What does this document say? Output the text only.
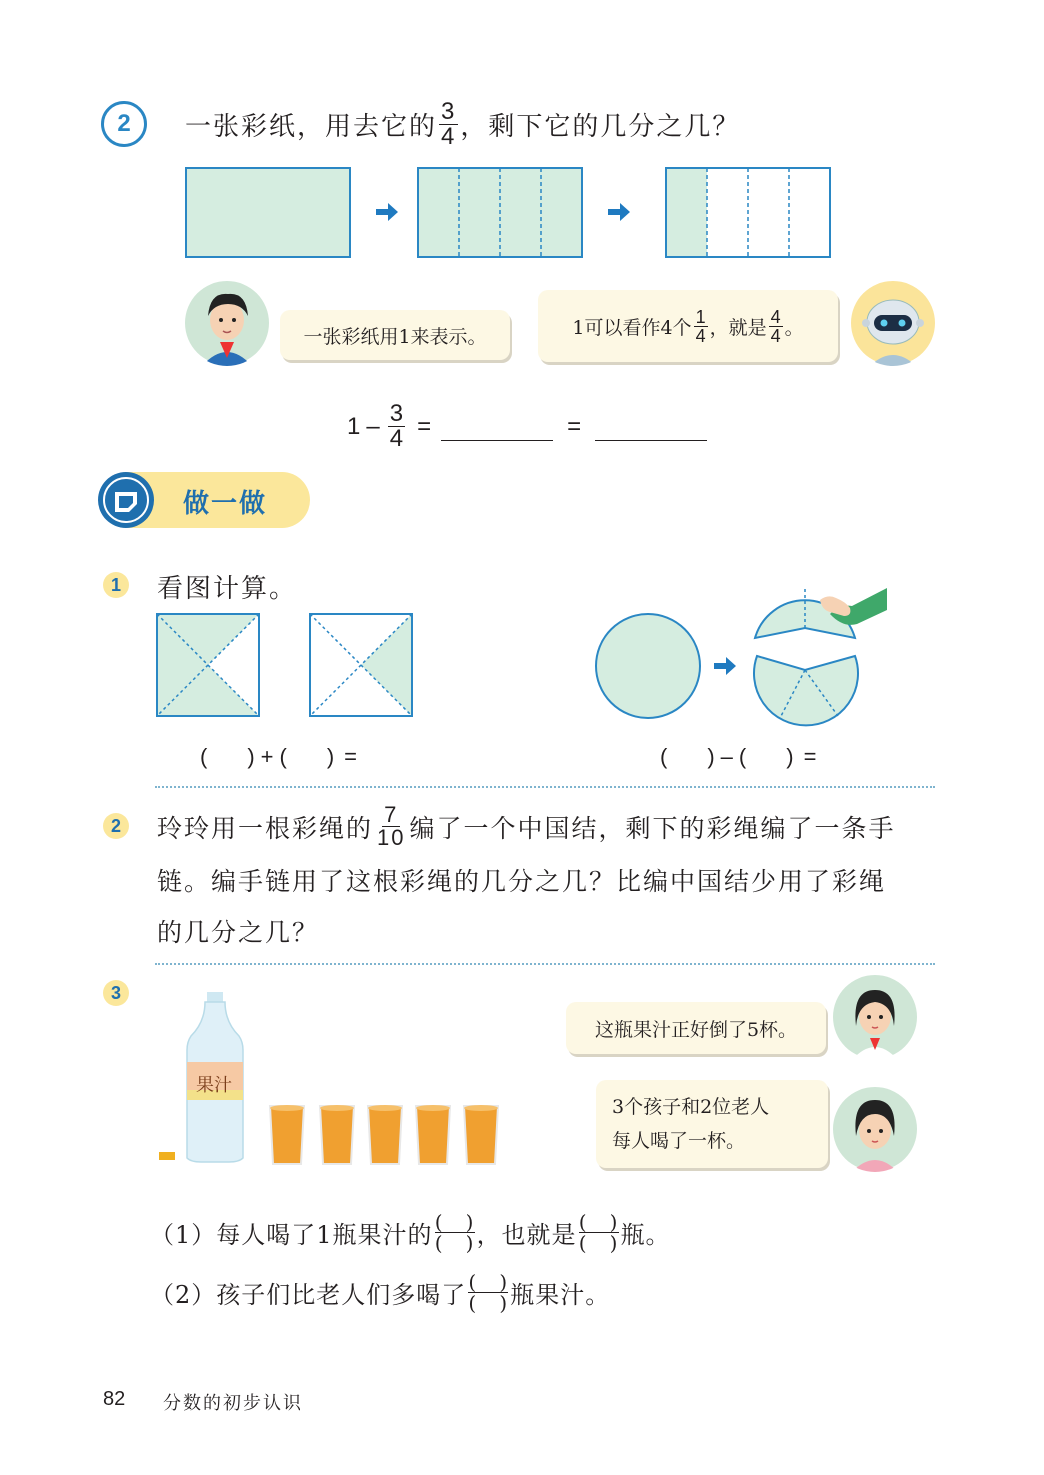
2 一张彩纸，用去它的 $\frac{3}{4}$ ，剩下它的几分之几？
一张彩纸用1来表示。	1可以看作4个 $\frac{1}{4}$ ，就是 $\frac{4}{4}$ 。
$1 - \frac{3}{4}$ =	=
做一做
1	看图计算。
( ) + ( ) =	( ) – ( ) =
2	玲玲用一根彩绳的 $\frac{7}{10}$ 编了一个中国结，剩下的彩绳编了一条手
链。编手链用了这根彩绳的几分之几？比编中国结少用了彩绳
的几分之几？
3
果汁
这瓶果汁正好倒了5杯。
3个孩子和2位老人
每人喝了一杯。
（1） 每人喝了1瓶果汁的 ( )
( ) ，也就是 ( )
( ) 瓶。
（2） 孩子们比老人们多喝了 ( )
( ) 瓶果汁。
82 分数的初步认识
